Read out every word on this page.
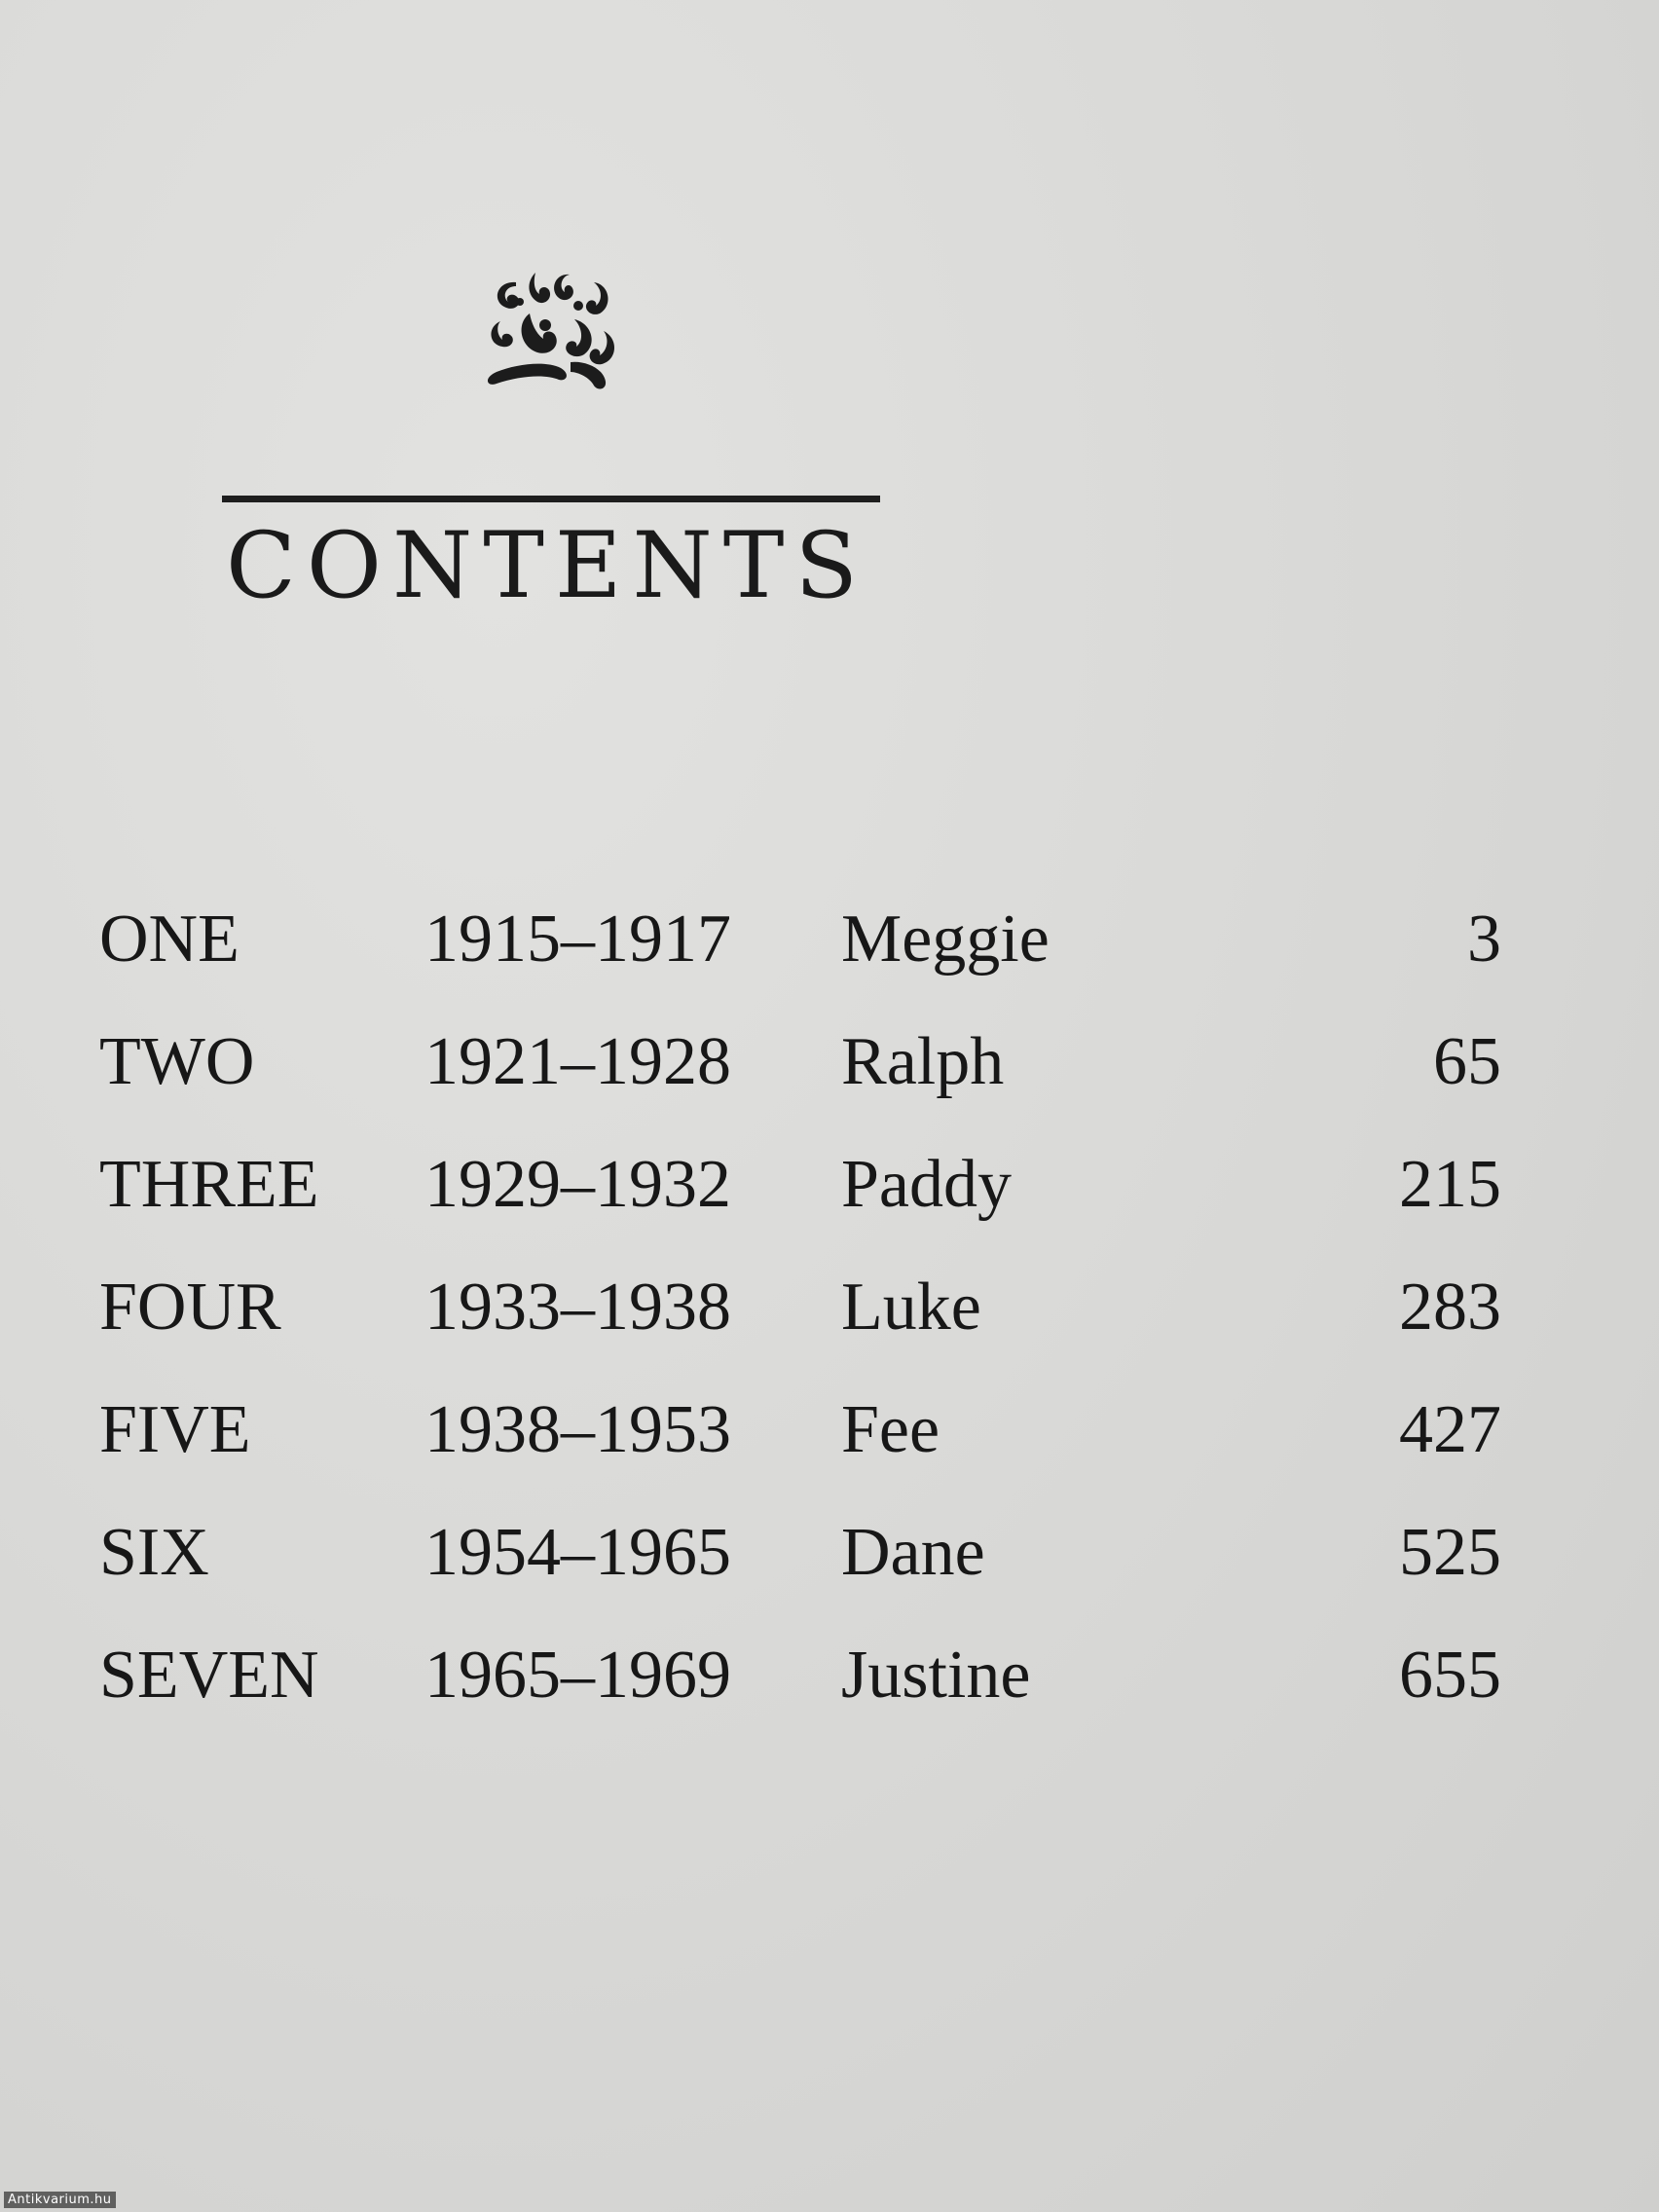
CONTENTS
ONE	1915–1917 Meggie	3
TWO 1921–1928 Ralph	65
THREE 1929–1932 Paddy	215
FOUR 1933–1938 Luke	283
FIVE	1938–1953 Fee	427
SIX	1954–1965 Dane	525
SEVEN 1965–1969 Justine	655
Antikvarium.hu
